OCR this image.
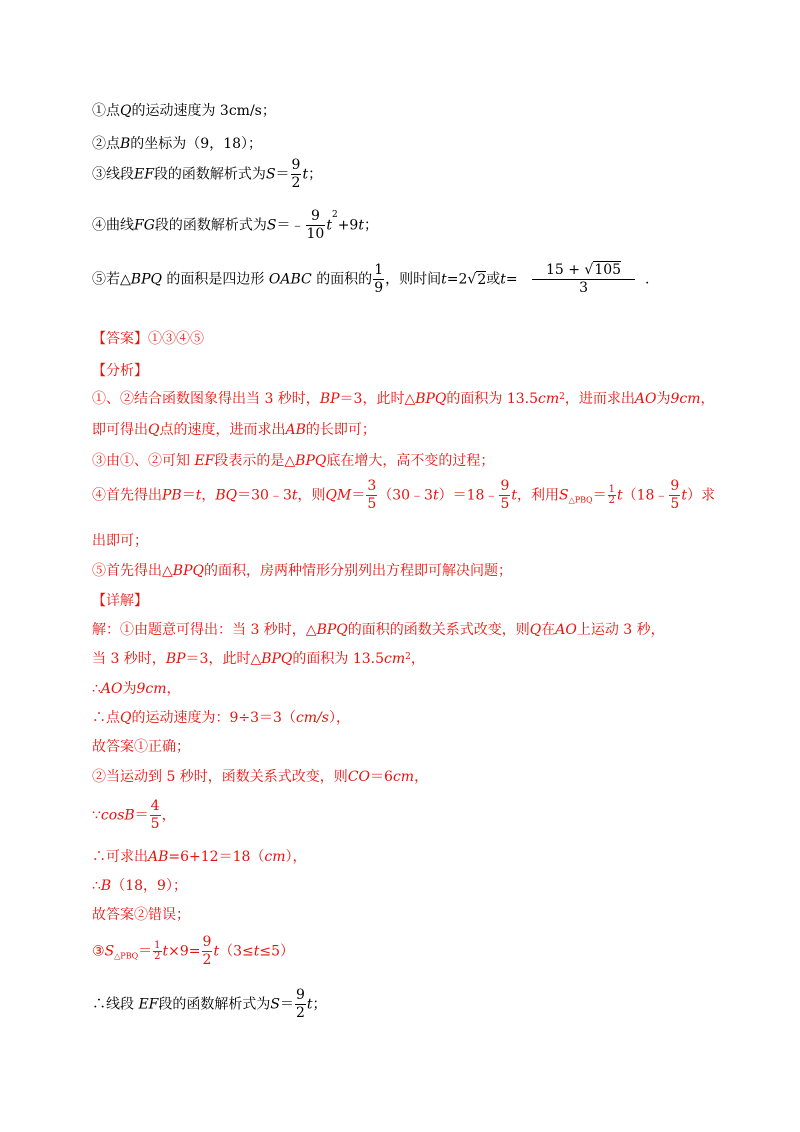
①点Q的运动速度为 3cm/s；
②点B的坐标为（9，18）；
③线段EF段的函数解析式为$S= \frac{9}{2}$ t；
④曲线FG段的函数解析式为S＝﹣ $\frac{9}{10} t^2+9t$；
⑤若△BPQ 的面积是四边形 OABC 的面积的 $\frac{1}{9}$ ，则时间t=2√2或$t= \frac{15 + √105}{3}$ .
【答案】①③④⑤
【分析】
①、②结合函数图象得出当 3 秒时，BP＝3，此时△BPQ的面积为 $13.5cm^2$，进而求出AO为9cm，
即可得出Q点的速度，进而求出AB的长即可；
③由①、②可知 EF段表示的是△BPQ底在增大，高不变的过程；
④首先得出PB＝t，BQ＝30﹣3t，则$QM= \frac{3}{5}$ （30﹣3t）＝18﹣ $\frac{9}{5}$ t，利用$S_{\triangle PBQ}= \frac{1}{2}$ t（18﹣ $\frac{9}{5} t$）求
出即可；
⑤首先得出△BPQ的面积，房两种情形分别列出方程即可解决问题；
【详解】
解：①由题意可得出：当 3 秒时，△BPQ的面积的函数关系式改变，则Q在AO上运动 3 秒，
当 3 秒时，BP＝3，此时△BPQ的面积为 $13.5cm^2$，
∴AO为9cm，
∴点Q的运动速度为：9÷3＝3（cm/s），
故答案①正确；
②当运动到 5 秒时，函数关系式改变，则CO＝6cm，
∵cosB＝ $\frac{4}{5}$ ，
∴可求出AB=6+12＝18（cm），
∴B（18，9）；
故答案②错误；
$③S_{\triangle PBQ}= \frac{1}{2} t\times 9= \frac{9}{2} t(3\le t\le 5)$
∴线段 EF段的函数解析式为$S= \frac{9}{2}$ t；
